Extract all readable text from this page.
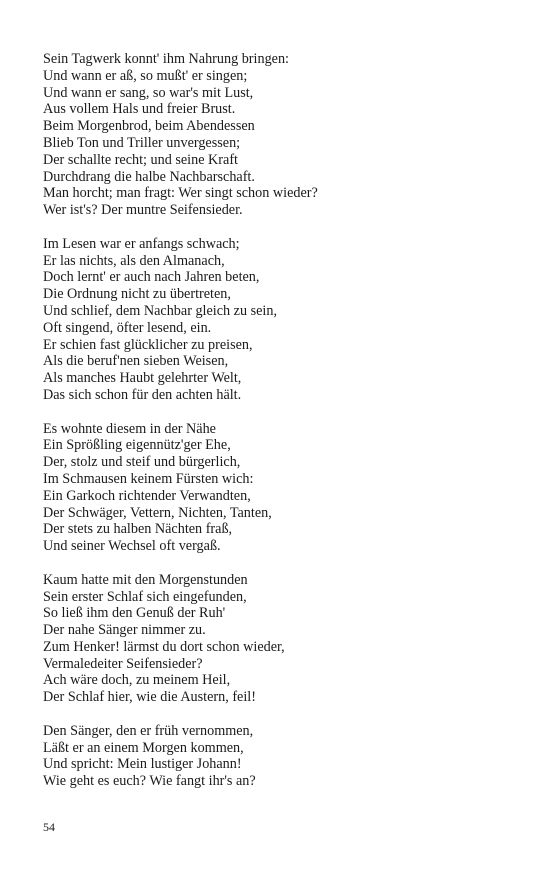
Sein Tagwerk konnt' ihm Nahrung bringen:
Und wann er aß, so mußt' er singen;
Und wann er sang, so war's mit Lust,
Aus vollem Hals und freier Brust.
Beim Morgenbrod, beim Abendessen
Blieb Ton und Triller unvergessen;
Der schallte recht; und seine Kraft
Durchdrang die halbe Nachbarschaft.
Man horcht; man fragt: Wer singt schon wieder?
Wer ist's? Der muntre Seifensieder.
Im Lesen war er anfangs schwach;
Er las nichts, als den Almanach,
Doch lernt' er auch nach Jahren beten,
Die Ordnung nicht zu übertreten,
Und schlief, dem Nachbar gleich zu sein,
Oft singend, öfter lesend, ein.
Er schien fast glücklicher zu preisen,
Als die beruf'nen sieben Weisen,
Als manches Haubt gelehrter Welt,
Das sich schon für den achten hält.
Es wohnte diesem in der Nähe
Ein Sprößling eigennütz'ger Ehe,
Der, stolz und steif und bürgerlich,
Im Schmausen keinem Fürsten wich:
Ein Garkoch richtender Verwandten,
Der Schwäger, Vettern, Nichten, Tanten,
Der stets zu halben Nächten fraß,
Und seiner Wechsel oft vergaß.
Kaum hatte mit den Morgenstunden
Sein erster Schlaf sich eingefunden,
So ließ ihm den Genuß der Ruh'
Der nahe Sänger nimmer zu.
Zum Henker! lärmst du dort schon wieder,
Vermaledeiter Seifensieder?
Ach wäre doch, zu meinem Heil,
Der Schlaf hier, wie die Austern, feil!
Den Sänger, den er früh vernommen,
Läßt er an einem Morgen kommen,
Und spricht: Mein lustiger Johann!
Wie geht es euch? Wie fangt ihr's an?
54
